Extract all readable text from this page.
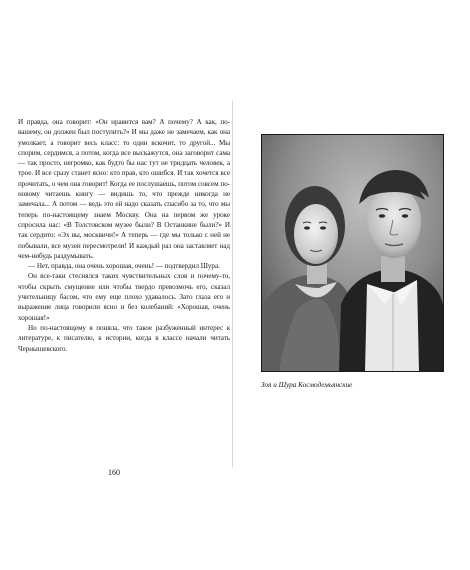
И правда, она говорит: «Он нравится вам? А почему? А как, по-вашему, он должен был поступить?» И мы даже не замечаем, как она умолкает, а говорит весь класс: то один вскочит, то другой... Мы спорим, сердимся, а потом, когда все выскажутся, она заговорит сама — так просто, негромко, как будто бы нас тут не тридцать человек, а трое. И все сразу станет ясно: кто прав, кто ошибся. И так хочется все прочитать, о чем она говорит! Когда ее послушаешь, потом совсем по-новому читаешь книгу — видишь то, что прежде никогда не замечала... А потом — ведь это ей надо сказать спасибо за то, что мы теперь по-настоящему знаем Москву. Она на первом же уроке спросила нас: «В Толстовском музее были? В Останкине были?» И так сердито: «Эх вы, москвичи!» А теперь — где мы только с ней не побывали, все музеи пересмотрели! И каждый раз она заставляет над чем-нибудь раздумывать.

— Нет, правда, она очень хорошая, очень! — подтвердил Шура.

Он все-таки стеснялся таких чувствительных слов и почему-то, чтобы скрыть смущение или чтобы твердо превозмочь его, сказал учительницу басом, что ему еще плохо удавалось. Зато глаза его и выражение лица говорили ясно и без колебаний: «Хорошая, очень хорошая!»

Но по-настоящему я поняла, что такое разбуженный интерес к литературе, к писателю, к истории, когда в классе начали читать Чернышевского.

160
Зоя и Шура Космодемьянские
